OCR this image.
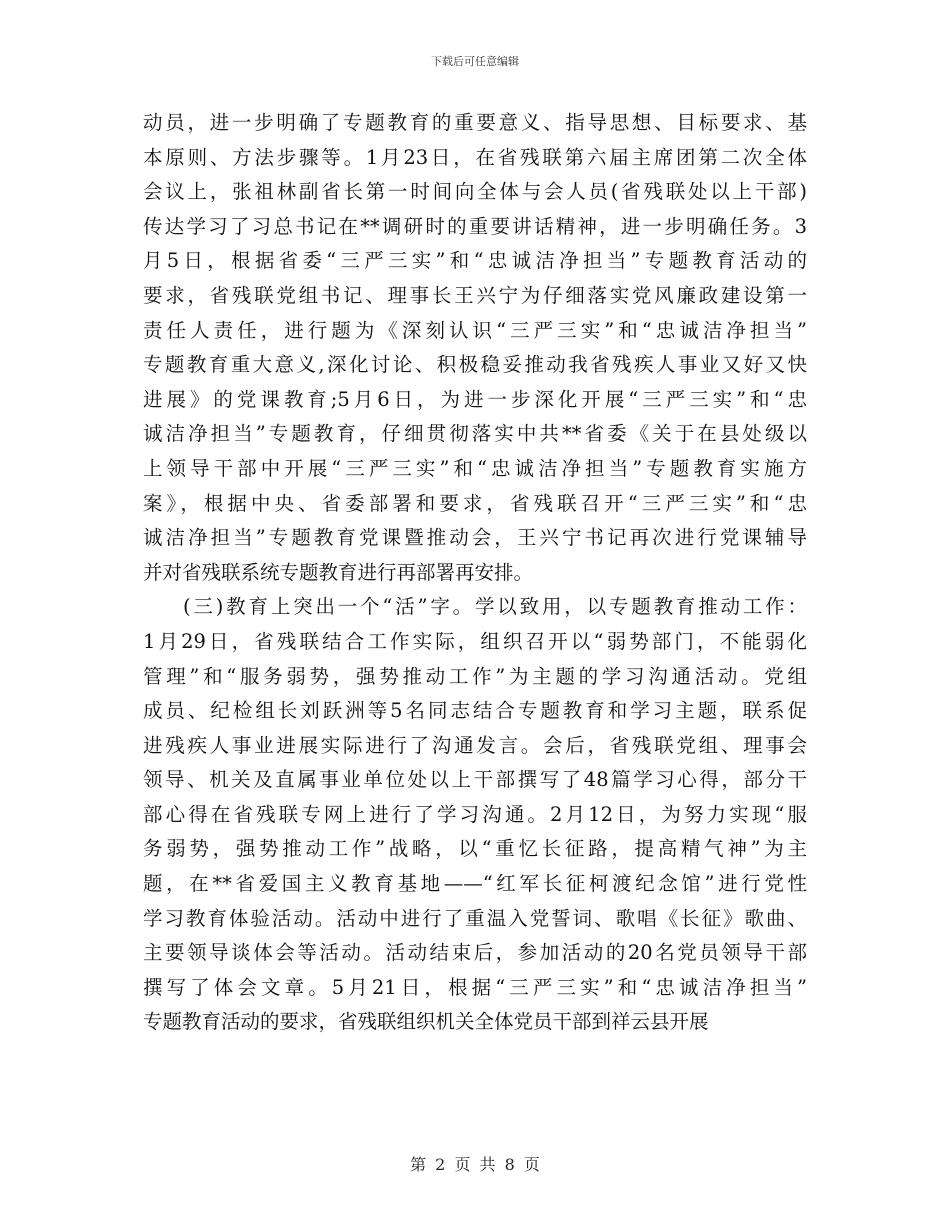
下载后可任意编辑
动员，进一步明确了专题教育的重要意义、指导思想、目标要求、基
本原则、方法步骤等。1月23日，在省残联第六届主席团第二次全体
会议上，张祖林副省长第一时间向全体与会人员(省残联处以上干部)
传达学习了习总书记在**调研时的重要讲话精神，进一步明确任务。3
月5日，根据省委“三严三实”和“忠诚洁净担当”专题教育活动的
要求，省残联党组书记、理事长王兴宁为仔细落实党风廉政建设第一
责任人责任，进行题为《深刻认识“三严三实”和“忠诚洁净担当”
专题教育重大意义,深化讨论、积极稳妥推动我省残疾人事业又好又快
进展》的党课教育;5月6日，为进一步深化开展“三严三实”和“忠
诚洁净担当”专题教育，仔细贯彻落实中共**省委《关于在县处级以
上领导干部中开展“三严三实”和“忠诚洁净担当”专题教育实施方
案》，根据中央、省委部署和要求，省残联召开“三严三实”和“忠
诚洁净担当”专题教育党课暨推动会，王兴宁书记再次进行党课辅导
并对省残联系统专题教育进行再部署再安排。
(三)教育上突出一个“活”字。学以致用，以专题教育推动工作：
1月29日，省残联结合工作实际，组织召开以“弱势部门，不能弱化
管理”和“服务弱势，强势推动工作”为主题的学习沟通活动。党组
成员、纪检组长刘跃洲等5名同志结合专题教育和学习主题，联系促
进残疾人事业进展实际进行了沟通发言。会后，省残联党组、理事会
领导、机关及直属事业单位处以上干部撰写了48篇学习心得，部分干
部心得在省残联专网上进行了学习沟通。2月12日，为努力实现“服
务弱势，强势推动工作”战略，以“重忆长征路，提高精气神”为主
题，在**省爱国主义教育基地——“红军长征柯渡纪念馆”进行党性
学习教育体验活动。活动中进行了重温入党誓词、歌唱《长征》歌曲、
主要领导谈体会等活动。活动结束后，参加活动的20名党员领导干部
撰写了体会文章。5月21日，根据“三严三实”和“忠诚洁净担当”
专题教育活动的要求，省残联组织机关全体党员干部到祥云县开展
第 2 页 共 8 页
